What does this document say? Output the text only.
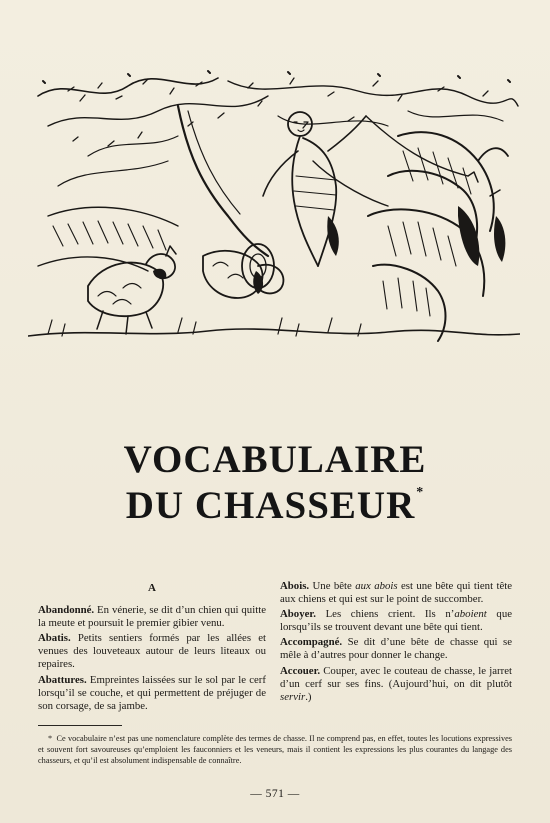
VOCABULAIRE
DU CHASSEUR*
A

Abandonné. En vénerie, se dit d’un chien qui quitte la meute et poursuit le premier gibier venu.

Abatis. Petits sentiers formés par les allées et venues des louveteaux autour de leurs liteaux ou repaires.

Abattures. Empreintes laissées sur le sol par le cerf lorsqu’il se couche, et qui permettent de préjuger de son corsage, de sa jambe.

Abois. Une bête aux abois est une bête qui tient tête aux chiens et qui est sur le point de succomber.

Aboyer. Les chiens crient. Ils n’aboient que lorsqu’ils se trouvent devant une bête qui tient.

Accompagné. Se dit d’une bête de chasse qui se mêle à d’autres pour donner le change.

Accouer. Couper, avec le couteau de chasse, le jarret d’un cerf sur ses fins. (Aujourd’hui, on dit plutôt servir.)

* Ce vocabulaire n’est pas une nomenclature complète des termes de chasse. Il ne comprend pas, en effet, toutes les locutions expressives et souvent fort savoureuses qu’emploient les fauconniers et les veneurs, mais il contient les expressions les plus courantes du langage des chasseurs, et qu’il est absolument indispensable de connaître.
— 571 —
